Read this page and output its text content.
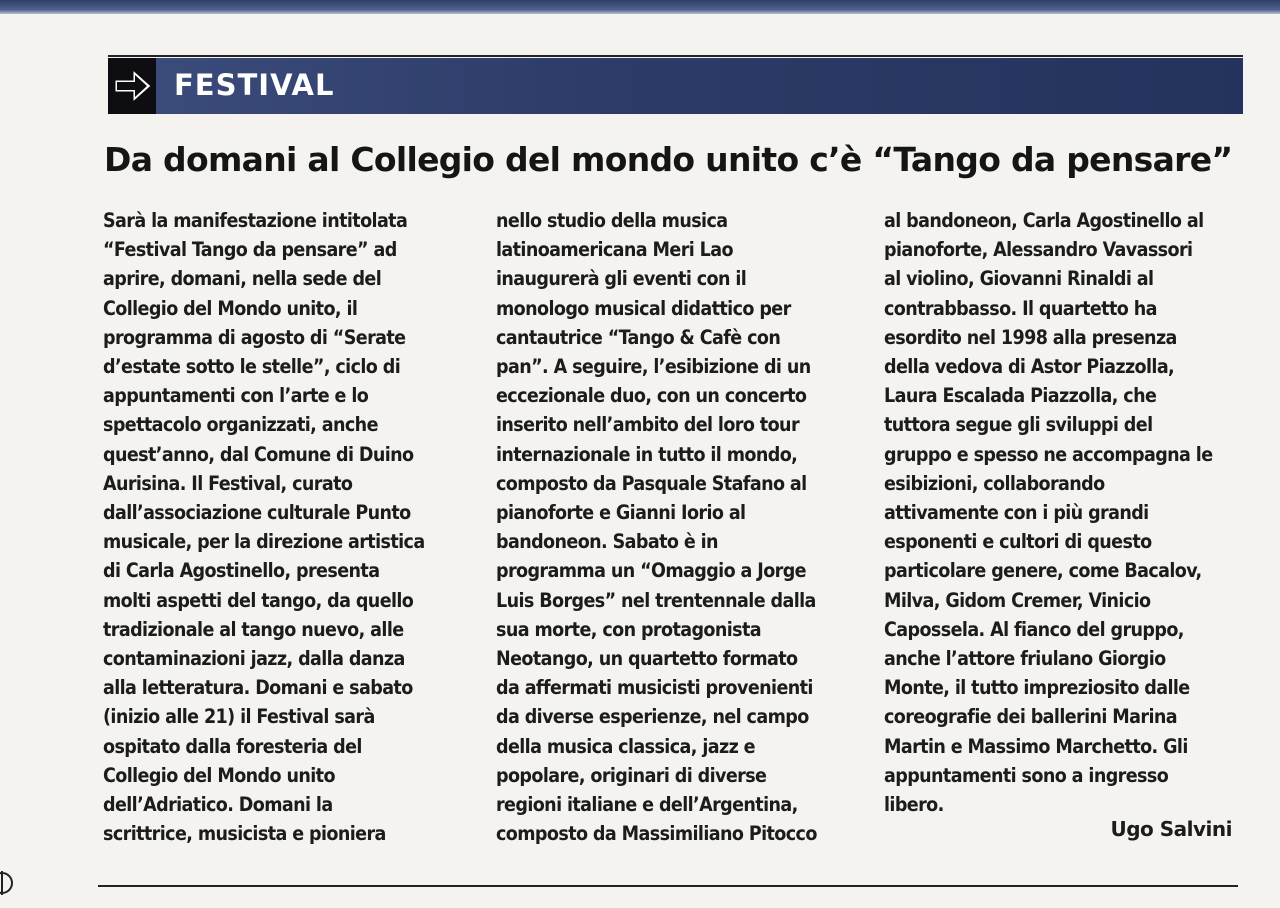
FESTIVAL
Da domani al Collegio del mondo unito c’è “Tango da pensare”
Sarà la manifestazione intitolata
“Festival Tango da pensare” ad
aprire, domani, nella sede del
Collegio del Mondo unito, il
programma di agosto di “Serate
d’estate sotto le stelle”, ciclo di
appuntamenti con l’arte e lo
spettacolo organizzati, anche
quest’anno, dal Comune di Duino
Aurisina. Il Festival, curato
dall’associazione culturale Punto
musicale, per la direzione artistica
di Carla Agostinello, presenta
molti aspetti del tango, da quello
tradizionale al tango nuevo, alle
contaminazioni jazz, dalla danza
alla letteratura. Domani e sabato
(inizio alle 21) il Festival sarà
ospitato dalla foresteria del
Collegio del Mondo unito
dell’Adriatico. Domani la
scrittrice, musicista e pioniera
nello studio della musica
latinoamericana Meri Lao
inaugurerà gli eventi con il
monologo musical didattico per
cantautrice “Tango & Cafè con
pan”. A seguire, l’esibizione di un
eccezionale duo, con un concerto
inserito nell’ambito del loro tour
internazionale in tutto il mondo,
composto da Pasquale Stafano al
pianoforte e Gianni Iorio al
bandoneon. Sabato è in
programma un “Omaggio a Jorge
Luis Borges” nel trentennale dalla
sua morte, con protagonista
Neotango, un quartetto formato
da affermati musicisti provenienti
da diverse esperienze, nel campo
della musica classica, jazz e
popolare, originari di diverse
regioni italiane e dell’Argentina,
composto da Massimiliano Pitocco
al bandoneon, Carla Agostinello al
pianoforte, Alessandro Vavassori
al violino, Giovanni Rinaldi al
contrabbasso. Il quartetto ha
esordito nel 1998 alla presenza
della vedova di Astor Piazzolla,
Laura Escalada Piazzolla, che
tuttora segue gli sviluppi del
gruppo e spesso ne accompagna le
esibizioni, collaborando
attivamente con i più grandi
esponenti e cultori di questo
particolare genere, come Bacalov,
Milva, Gidom Cremer, Vinicio
Capossela. Al fianco del gruppo,
anche l’attore friulano Giorgio
Monte, il tutto impreziosito dalle
coreografie dei ballerini Marina
Martin e Massimo Marchetto. Gli
appuntamenti sono a ingresso
libero.
Ugo Salvini
